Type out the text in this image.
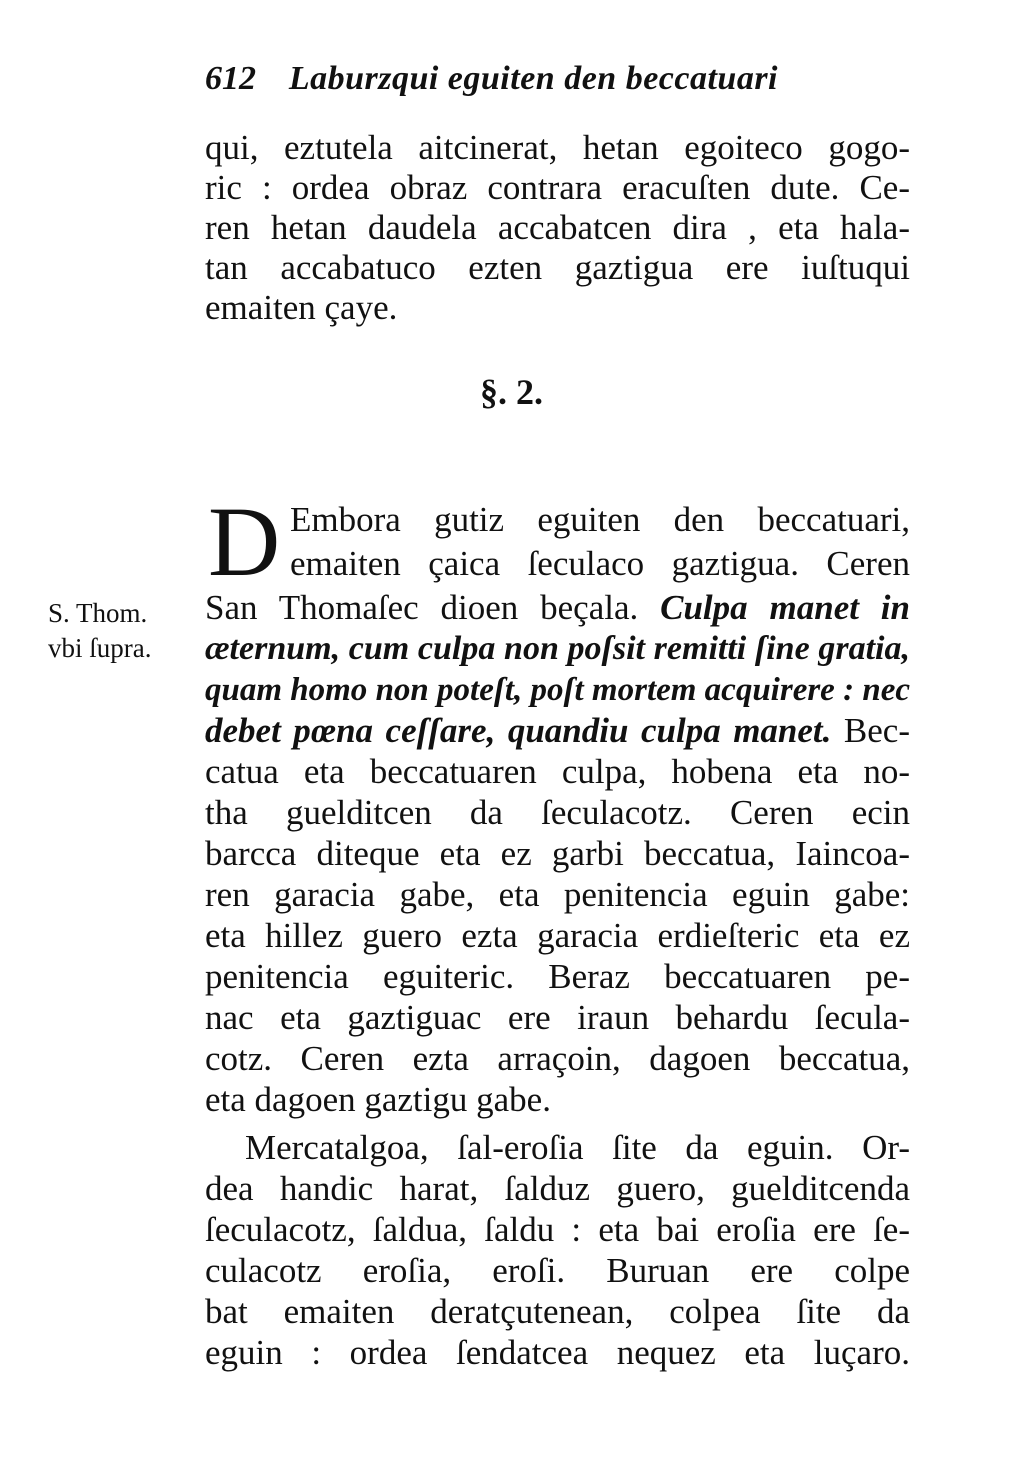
612 Laburzqui eguiten den beccatuari
qui, eztutela aitcinerat, hetan egoiteco gogo-
ric : ordea obraz contrara eracuſten dute. Ce-
ren hetan daudela accabatcen dira , eta hala-
tan accabatuco ezten gaztigua ere iuſtuqui
emaiten çaye.
§. 2.
D Embora gutiz eguiten den beccatuari,
emaiten çaica ſeculaco gaztigua. Ceren
S. Thom.
vbi ſupra.
San Thomaſec dioen beçala. Culpa manet in
æternum, cum culpa non poſsit remitti ſine gratia,
quam homo non poteſt, poſt mortem acquirere : nec
debet pœna ceſſare, quandiu culpa manet. Bec-
catua eta beccatuaren culpa, hobena eta no-
tha guelditcen da ſeculacotz. Ceren ecin
barcca diteque eta ez garbi beccatua, Iaincoa-
ren garacia gabe, eta penitencia eguin gabe:
eta hillez guero ezta garacia erdieſteric eta ez
penitencia eguiteric. Beraz beccatuaren pe-
nac eta gaztiguac ere iraun behardu ſecula-
cotz. Ceren ezta arraçoin, dagoen beccatua,
eta dagoen gaztigu gabe.
Mercatalgoa, ſal-eroſia ſite da eguin. Or-
dea handic harat, ſalduz guero, guelditcenda
ſeculacotz, ſaldua, ſaldu : eta bai eroſia ere ſe-
culacotz eroſia, eroſi. Buruan ere colpe
bat emaiten deratçutenean, colpea ſite da
eguin : ordea ſendatcea nequez eta luçaro.
